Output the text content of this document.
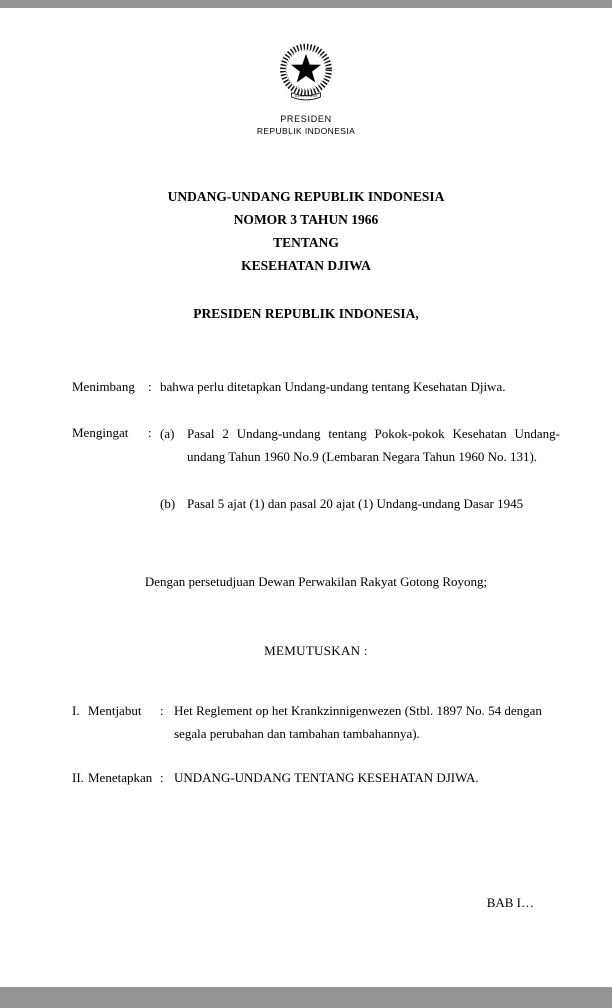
PRESIDEN
REPUBLIK INDONESIA
UNDANG-UNDANG REPUBLIK INDONESIA
NOMOR 3 TAHUN 1966
TENTANG
KESEHATAN DJIWA
PRESIDEN REPUBLIK INDONESIA,
Menimbang	: bahwa perlu ditetapkan Undang-undang tentang Kesehatan Djiwa.
Mengingat	: (a) Pasal 2 Undang-undang tentang Pokok-pokok Kesehatan Undang-undang Tahun 1960 No.9 (Lembaran Negara Tahun 1960 No. 131).
(b) Pasal 5 ajat (1) dan pasal 20 ajat (1) Undang-undang Dasar 1945
Dengan persetudjuan Dewan Perwakilan Rakyat Gotong Royong;
MEMUTUSKAN :
I. Mentjabut	: Het Reglement op het Krankzinnigenwezen (Stbl. 1897 No. 54 dengan segala perubahan dan tambahan tambahannya).
II. Menetapkan : UNDANG-UNDANG TENTANG KESEHATAN DJIWA.
BAB I…
